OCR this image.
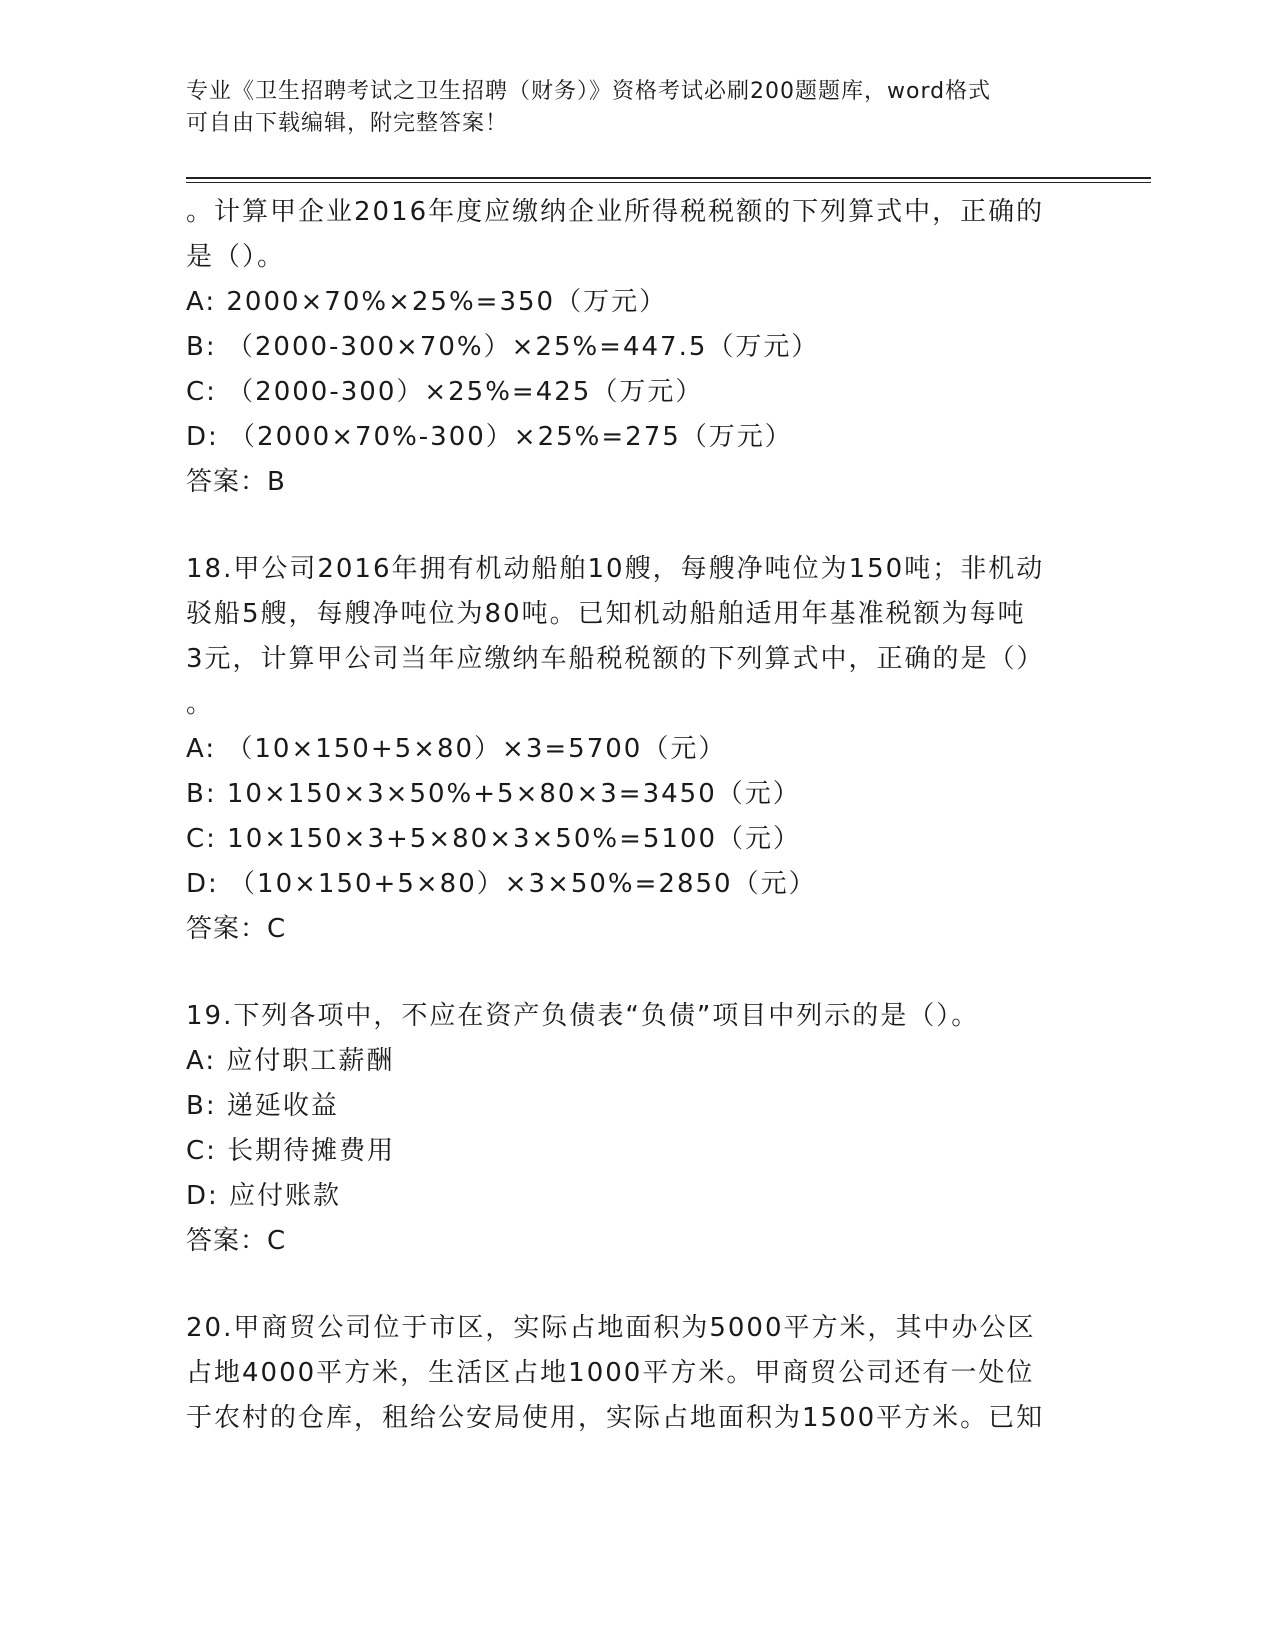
专业《卫生招聘考试之卫生招聘（财务）》资格考试必刷200题题库，word格式
可自由下载编辑，附完整答案！
。计算甲企业2016年度应缴纳企业所得税税额的下列算式中，正确的
是（）。
A: 2000×70%×25%=350（万元）
B: （2000-300×70%）×25%=447.5（万元）
C: （2000-300）×25%=425（万元）
D: （2000×70%-300）×25%=275（万元）
答案：B
18.甲公司2016年拥有机动船舶10艘，每艘净吨位为150吨；非机动
驳船5艘，每艘净吨位为80吨。已知机动船舶适用年基准税额为每吨
3元，计算甲公司当年应缴纳车船税税额的下列算式中，正确的是（）
。
A: （10×150+5×80）×3=5700（元）
B: 10×150×3×50%+5×80×3=3450（元）
C: 10×150×3+5×80×3×50%=5100（元）
D: （10×150+5×80）×3×50%=2850（元）
答案：C
19.下列各项中，不应在资产负债表“负债”项目中列示的是（）。
A: 应付职工薪酬
B: 递延收益
C: 长期待摊费用
D: 应付账款
答案：C
20.甲商贸公司位于市区，实际占地面积为5000平方米，其中办公区
占地4000平方米，生活区占地1000平方米。甲商贸公司还有一处位
于农村的仓库，租给公安局使用，实际占地面积为1500平方米。已知
